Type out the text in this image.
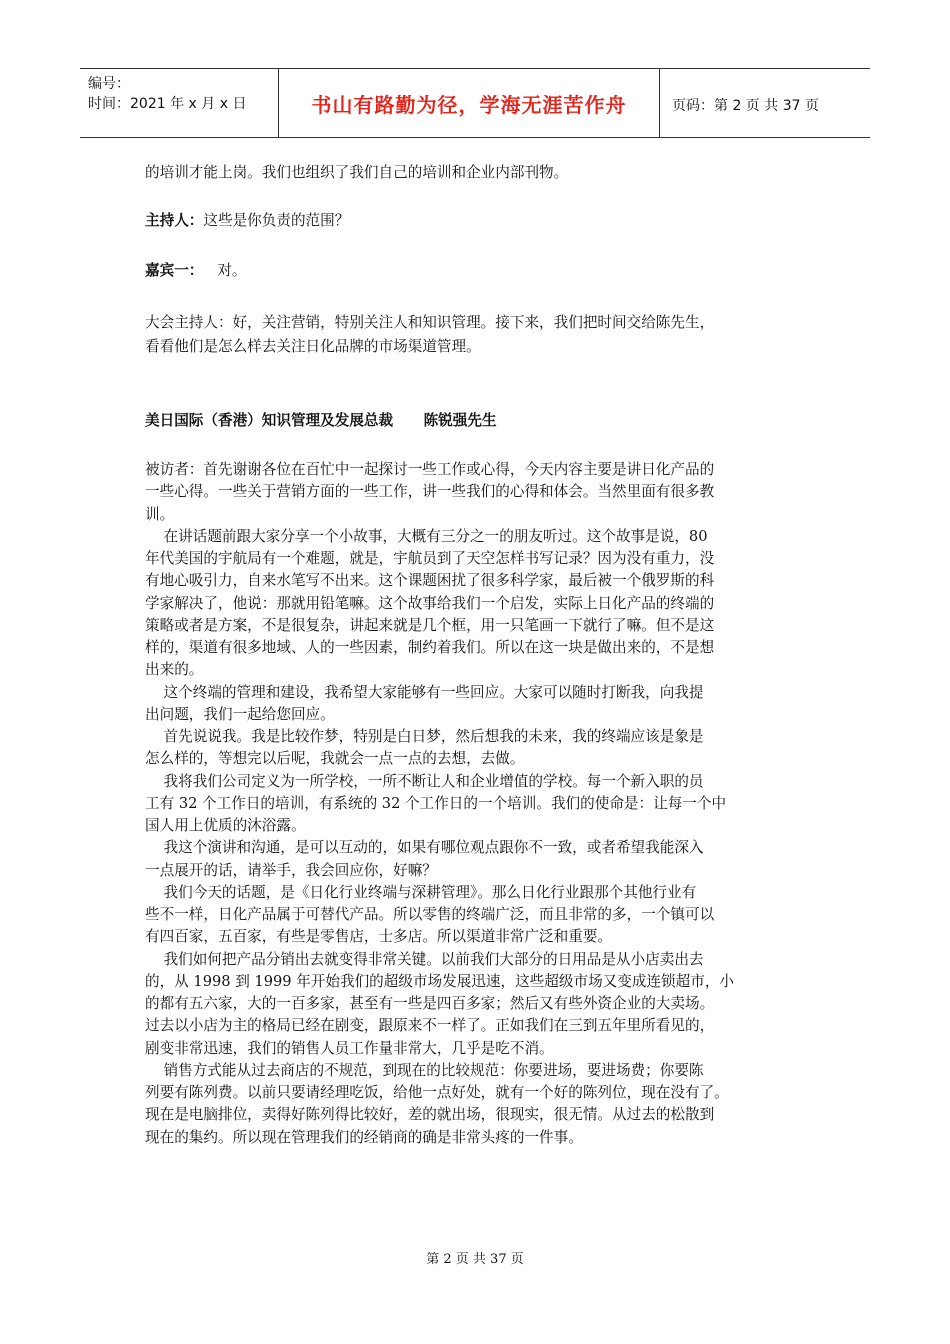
编号：
时间：2021 年 x 月 x 日	书山有路勤为径，学海无涯苦作舟	页码：第 2 页 共 37 页
的培训才能上岗。我们也组织了我们自己的培训和企业内部刊物。
主持人：这些是你负责的范围？
嘉宾一： 对。
大会主持人：好，关注营销，特别关注人和知识管理。接下来，我们把时间交给陈先生，
看看他们是怎么样去关注日化品牌的市场渠道管理。
美日国际（香港）知识管理及发展总裁      陈锐强先生
被访者：首先谢谢各位在百忙中一起探讨一些工作或心得，今天内容主要是讲日化产品的
一些心得。一些关于营销方面的一些工作，讲一些我们的心得和体会。当然里面有很多教
训。
在讲话题前跟大家分享一个小故事，大概有三分之一的朋友听过。这个故事是说，80
年代美国的宇航局有一个难题，就是，宇航员到了天空怎样书写记录？因为没有重力，没
有地心吸引力，自来水笔写不出来。这个课题困扰了很多科学家，最后被一个俄罗斯的科
学家解决了，他说：那就用铅笔嘛。这个故事给我们一个启发，实际上日化产品的终端的
策略或者是方案，不是很复杂，讲起来就是几个框，用一只笔画一下就行了嘛。但不是这
样的，渠道有很多地域、人的一些因素，制约着我们。所以在这一块是做出来的，不是想
出来的。
这个终端的管理和建设，我希望大家能够有一些回应。大家可以随时打断我，向我提
出问题，我们一起给您回应。
首先说说我。我是比较作梦，特别是白日梦，然后想我的未来，我的终端应该是象是
怎么样的，等想完以后呢，我就会一点一点的去想，去做。
我将我们公司定义为一所学校，一所不断让人和企业增值的学校。每一个新入职的员
工有 32 个工作日的培训，有系统的 32 个工作日的一个培训。我们的使命是：让每一个中
国人用上优质的沐浴露。
我这个演讲和沟通，是可以互动的，如果有哪位观点跟你不一致，或者希望我能深入
一点展开的话，请举手，我会回应你，好嘛？
我们今天的话题，是《日化行业终端与深耕管理》。那么日化行业跟那个其他行业有
些不一样，日化产品属于可替代产品。所以零售的终端广泛，而且非常的多，一个镇可以
有四百家，五百家，有些是零售店，士多店。所以渠道非常广泛和重要。
我们如何把产品分销出去就变得非常关键。以前我们大部分的日用品是从小店卖出去
的，从 1998 到 1999 年开始我们的超级市场发展迅速，这些超级市场又变成连锁超市，小
的都有五六家，大的一百多家，甚至有一些是四百多家；然后又有些外资企业的大卖场。
过去以小店为主的格局已经在剧变，跟原来不一样了。正如我们在三到五年里所看见的，
剧变非常迅速，我们的销售人员工作量非常大，几乎是吃不消。
销售方式能从过去商店的不规范，到现在的比较规范：你要进场，要进场费；你要陈
列要有陈列费。以前只要请经理吃饭，给他一点好处，就有一个好的陈列位，现在没有了。
现在是电脑排位，卖得好陈列得比较好，差的就出场，很现实，很无情。从过去的松散到
现在的集约。所以现在管理我们的经销商的确是非常头疼的一件事。
第 2 页 共 37 页
